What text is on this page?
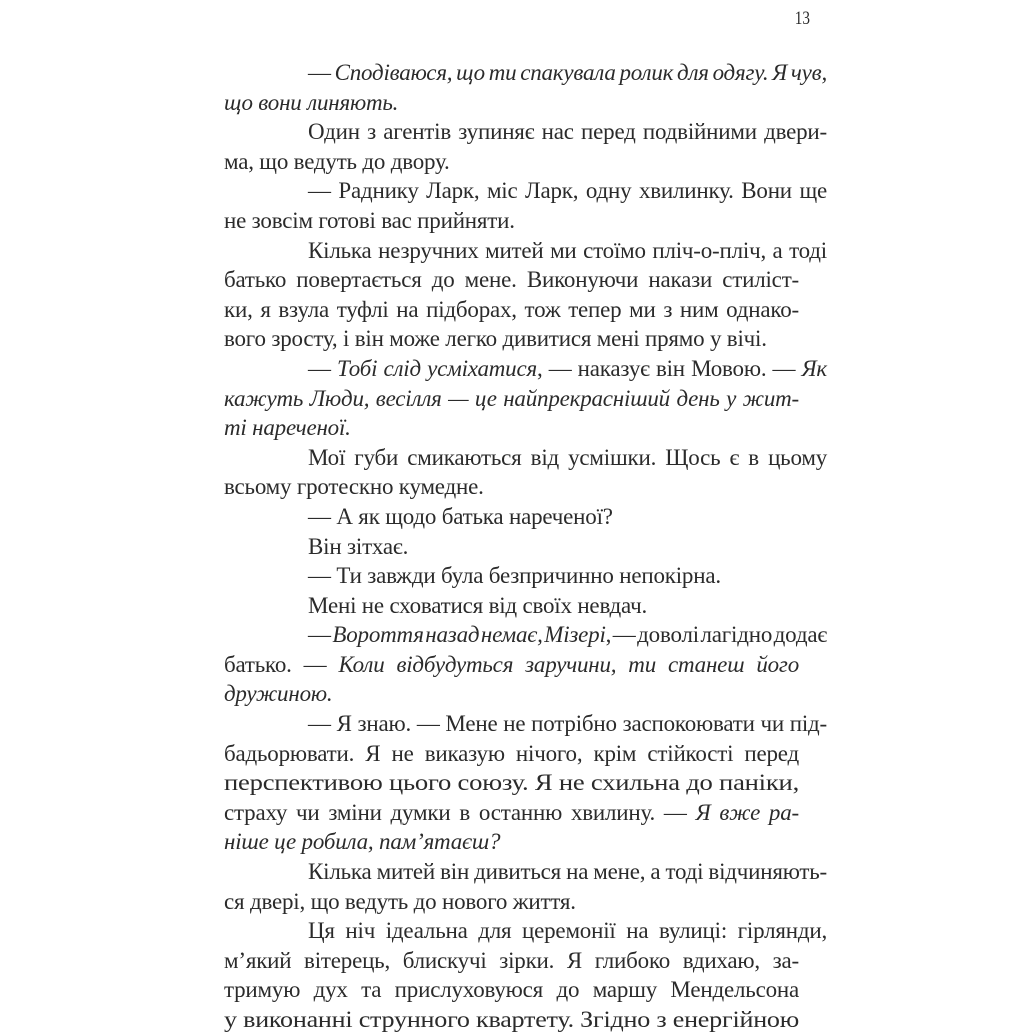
13
— Сподіваюся, що ти спакувала ролик для одягу. Я чув,
що вони линяють.
Один з агентів зупиняє нас перед подвійними двери-
ма, що ведуть до двору.
— Раднику Ларк, міс Ларк, одну хвилинку. Вони ще
не зовсім готові вас прийняти.
Кілька незручних митей ми стоїмо пліч-о-пліч, а тоді
батько повертається до мене. Виконуючи накази стиліст-
ки, я взула туфлі на підборах, тож тепер ми з ним однако-
вого зросту, і він може легко дивитися мені прямо у вічі.
— Тобі слід усміхатися, — наказує він Мовою. — Як
кажуть Люди, весілля — це найпрекрасніший день у жит-
ті нареченої.
Мої губи смикаються від усмішки. Щось є в цьому
всьому гротескно кумедне.
— А як щодо батька нареченої?
Він зітхає.
— Ти завжди була безпричинно непокірна.
Мені не сховатися від своїх невдач.
— Вороття назад немає, Мізері, — доволі лагідно додає
батько. — Коли відбудуться заручини, ти станеш його
дружиною.
— Я знаю. — Мене не потрібно заспокоювати чи під-
бадьорювати. Я не виказую нічого, крім стійкості перед
перспективою цього союзу. Я не схильна до паніки,
страху чи зміни думки в останню хвилину. — Я вже ра-
ніше це робила, пам’ятаєш?
Кілька митей він дивиться на мене, а тоді відчиняють-
ся двері, що ведуть до нового життя.
Ця ніч ідеальна для церемонії на вулиці: гірлянди,
м’який вітерець, блискучі зірки. Я глибоко вдихаю, за-
тримую дух та прислуховуюся до маршу Мендельсона
у виконанні струнного квартету. Згідно з енергійною
